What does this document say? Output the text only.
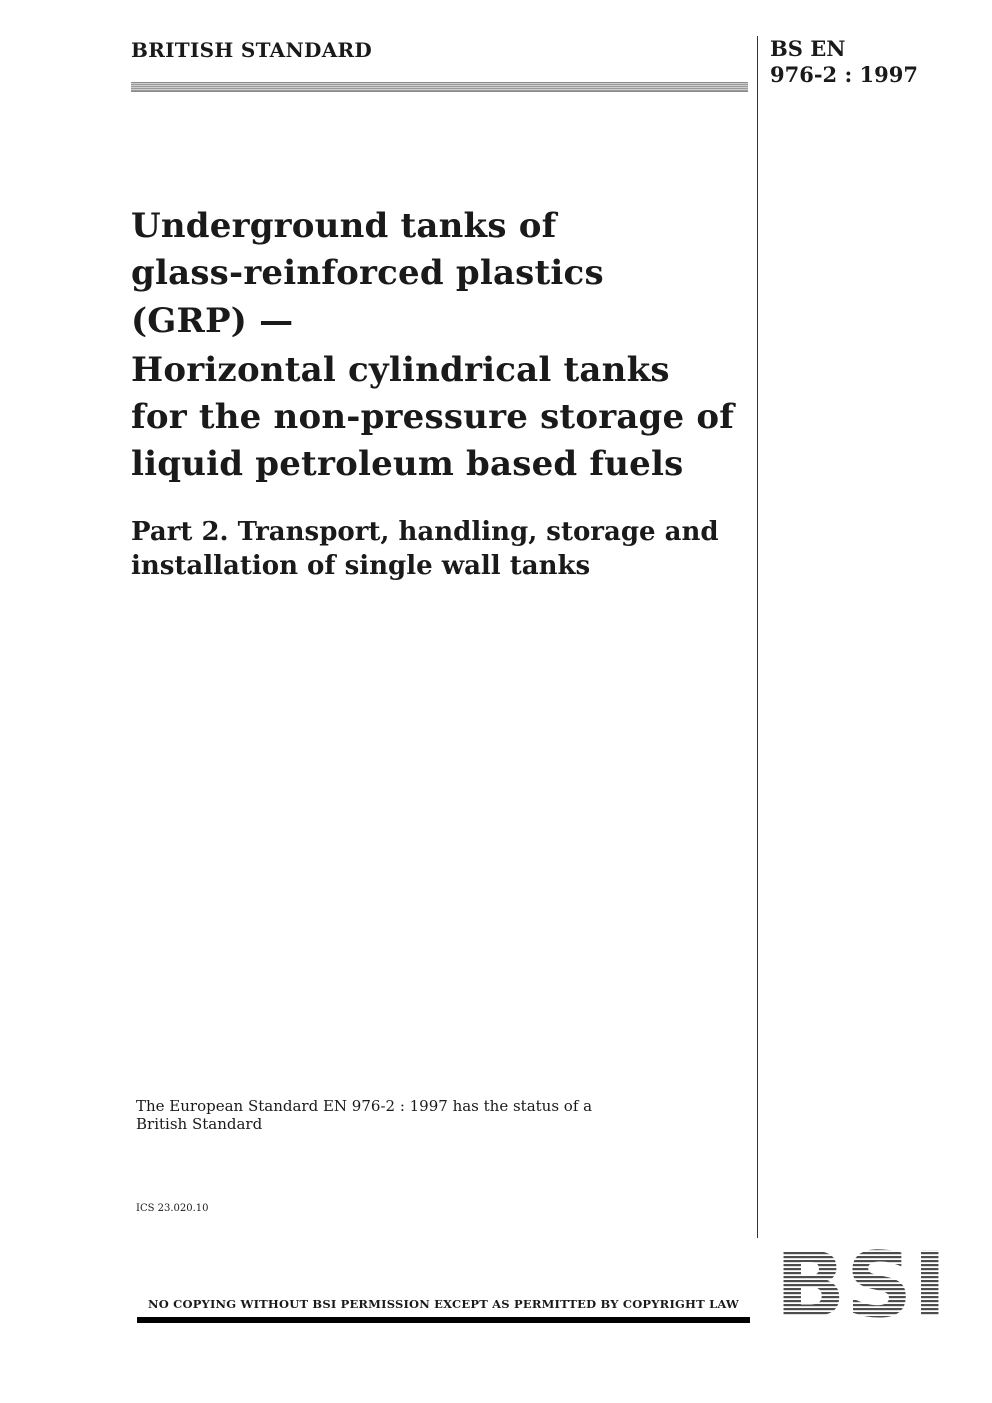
BRITISH STANDARD	BS EN
976-2 : 1997
Underground tanks of
glass-reinforced plastics
(GRP) —
Horizontal cylindrical tanks
for the non-pressure storage of
liquid petroleum based fuels
Part 2. Transport, handling, storage and
installation of single wall tanks
The European Standard EN 976-2 : 1997 has the status of a
British Standard
ICS 23.020.10
NO COPYING WITHOUT BSI PERMISSION EXCEPT AS PERMITTED BY COPYRIGHT LAW BSI
